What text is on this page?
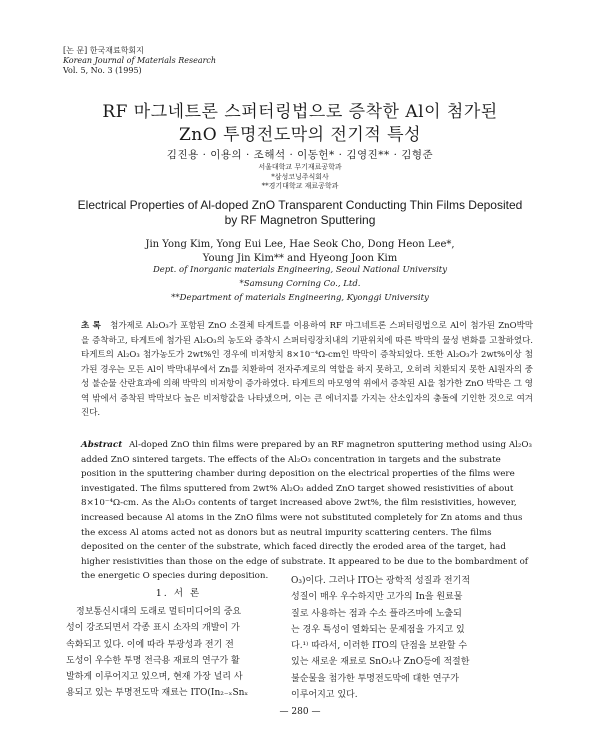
[논 문] 한국재료학회지
Korean Journal of Materials Research
Vol. 5, No. 3 (1995)
RF 마그네트론 스퍼터링법으로 증착한 Al이 첨가된
ZnO 투명전도막의 전기적 특성
김진용 · 이용의 · 조해석 · 이동헌* · 김영진** · 김형준
서울대학교 무기재료공학과
*삼성코닝주식회사
**경기대학교 재료공학과
Electrical Properties of Al-doped ZnO Transparent Conducting Thin Films Deposited
by RF Magnetron Sputtering
Jin Yong Kim, Yong Eui Lee, Hae Seok Cho, Dong Heon Lee*,
Young Jin Kim** and Hyeong Joon Kim
Dept. of Inorganic materials Engineering, Seoul National University
*Samsung Corning Co., Ltd.
**Department of materials Engineering, Kyonggi University
초 록 첨가제로 Al₂O₃가 포함된 ZnO 소결체 타게트를 이용하여 RF 마그네트론 스퍼터링법으로 Al이 첨가된 ZnO박막을 증착하고, 타게트에 첨가된 Al₂O₃의 농도와 증착시 스퍼터링장치내의 기판위치에 따른 박막의 물성 변화를 고찰하였다. 타게트의 Al₂O₃ 첨가농도가 2wt%인 경우에 비저항치 8×10⁻⁴Ω-cm인 박막이 증착되었다. 또한 Al₂O₃가 2wt%이상 첨가된 경우는 모든 Al이 박막내부에서 Zn를 치환하여 전자주게로의 역할을 하지 못하고, 오히려 치환되지 못한 Al원자의 중성 불순물 산란효과에 의해 박막의 비저항이 증가하였다. 타게트의 마모영역 위에서 증착된 Al을 첨가한 ZnO 박막은 그 영역 밖에서 증착된 박막보다 높은 비저항값을 나타냈으며, 이는 큰 에너지를 가지는 산소입자의 충돌에 기인한 것으로 여겨진다.
Abstract Al-doped ZnO thin films were prepared by an RF magnetron sputtering method using Al₂O₃ added ZnO sintered targets. The effects of the Al₂O₃ concentration in targets and the substrate position in the sputtering chamber during deposition on the electrical properties of the films were investigated. The films sputtered from 2wt% Al₂O₃ added ZnO target showed resistivities of about 8×10⁻⁴Ω-cm. As the Al₂O₃ contents of target increased above 2wt%, the film resistivities, however, increased because Al atoms in the ZnO films were not substituted completely for Zn atoms and thus the excess Al atoms acted not as donors but as neutral impurity scattering centers. The films deposited on the center of the substrate, which faced directly the eroded area of the target, had higher resistivities than those on the edge of substrate. It appeared to be due to the bombardment of the energetic O species during deposition.
1. 서 론
정보통신시대의 도래로 멀티미디어의 중요
성이 강조되면서 각종 표시 소자의 개발이 가
속화되고 있다. 이에 따라 투광성과 전기 전
도성이 우수한 투명 전극용 재료의 연구가 활
발하게 이루어지고 있으며, 현재 가장 널리 사
용되고 있는 투명전도막 재료는 ITO(In₂₋ₓSnₓ
O₃)이다. 그러나 ITO는 광학적 성질과 전기적
성질이 매우 우수하지만 고가의 In을 원료물
질로 사용하는 점과 수소 플라즈마에 노출되
는 경우 특성이 열화되는 문제점을 가지고 있
다.¹⁾ 따라서, 이러한 ITO의 단점을 보완할 수
있는 새로운 재료로 SnO₂나 ZnO등에 적절한
불순물을 첨가한 투명전도막에 대한 연구가
이루어지고 있다.
— 280 —
